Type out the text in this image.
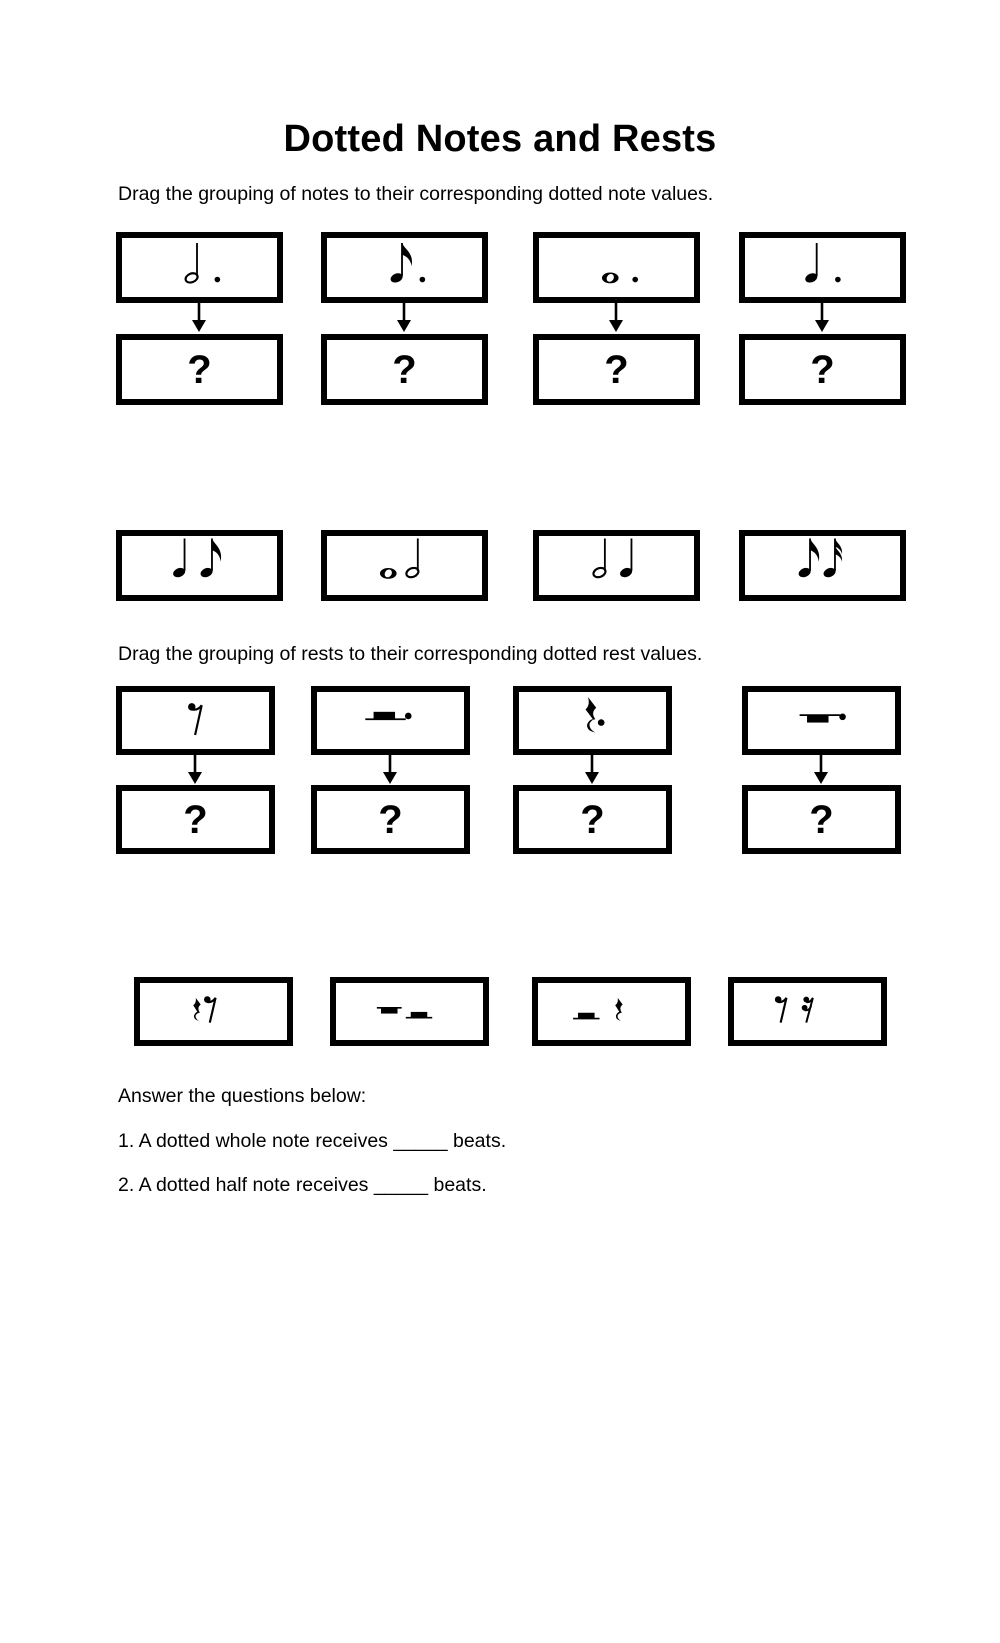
Dotted Notes and Rests

Drag the grouping of notes to their corresponding dotted note values.

?	?	?	?

Drag the grouping of rests to their corresponding dotted rest values.

?	?	?	?

Answer the questions below:

1. A dotted whole note receives _____ beats.

2. A dotted half note receives _____ beats.
